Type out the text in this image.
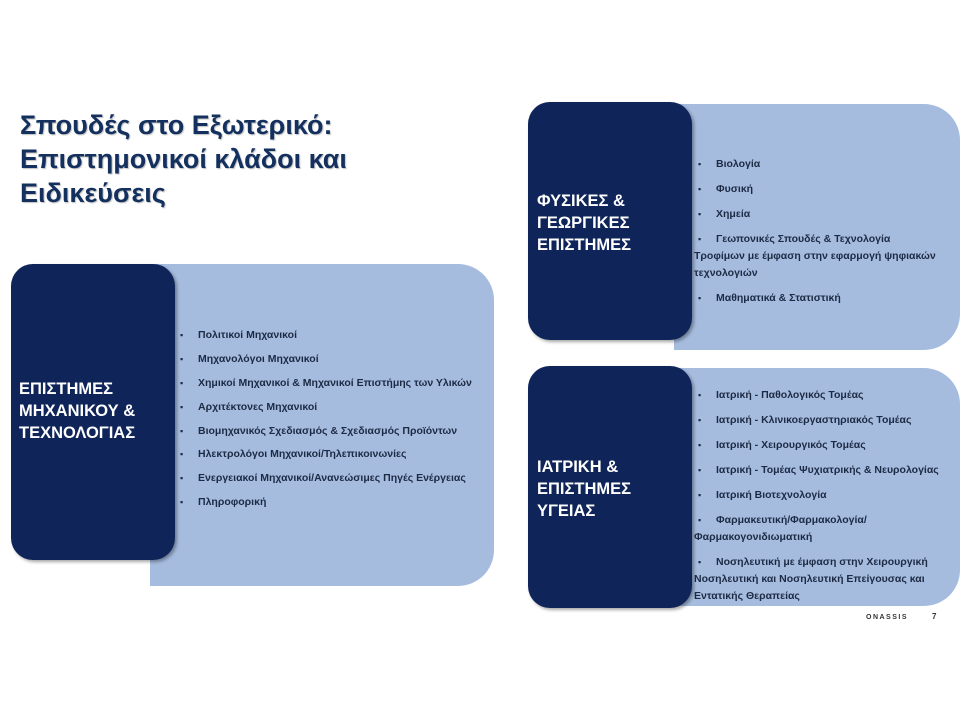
Σπουδές στο Εξωτερικό:
Επιστημονικοί κλάδοι και
Ειδικεύσεις
ΕΠΙΣΤΗΜΕΣ
ΜΗΧΑΝΙΚΟΥ &
ΤΕΧΝΟΛΟΓΙΑΣ
▪ Πολιτικοί Μηχανικοί
▪ Μηχανολόγοι Μηχανικοί
▪ Χημικοί Μηχανικοί & Μηχανικοί Επιστήμης των Υλικών
▪ Αρχιτέκτονες Μηχανικοί
▪ Βιομηχανικός Σχεδιασμός & Σχεδιασμός Προϊόντων
▪ Ηλεκτρολόγοι Μηχανικοί/Τηλεπικοινωνίες
▪ Ενεργειακοί Μηχανικοί/Ανανεώσιμες Πηγές Ενέργειας
▪ Πληροφορική
ΦΥΣΙΚΕΣ &
ΓΕΩΡΓΙΚΕΣ
ΕΠΙΣΤΗΜΕΣ
▪ Βιολογία
▪ Φυσική
▪ Χημεία
▪ Γεωπονικές Σπουδές & Τεχνολογία
Τροφίμων με έμφαση στην εφαρμογή ψηφιακών
τεχνολογιών
▪ Μαθηματικά & Στατιστική
ΙΑΤΡΙΚΗ &
ΕΠΙΣΤΗΜΕΣ
ΥΓΕΙΑΣ
▪ Ιατρική - Παθολογικός Τομέας
▪ Ιατρική - Κλινικοεργαστηριακός Τομέας
▪ Ιατρική - Χειρουργικός Τομέας
▪ Ιατρική - Τομέας Ψυχιατρικής & Νευρολογίας
▪ Ιατρική Βιοτεχνολογία
▪ Φαρμακευτική/Φαρμακολογία/
Φαρμακογονιδιωματική
▪ Νοσηλευτική με έμφαση στην Χειρουργική
Νοσηλευτική και Νοσηλευτική Επείγουσας και
Εντατικής Θεραπείας
ONASSIS	7
